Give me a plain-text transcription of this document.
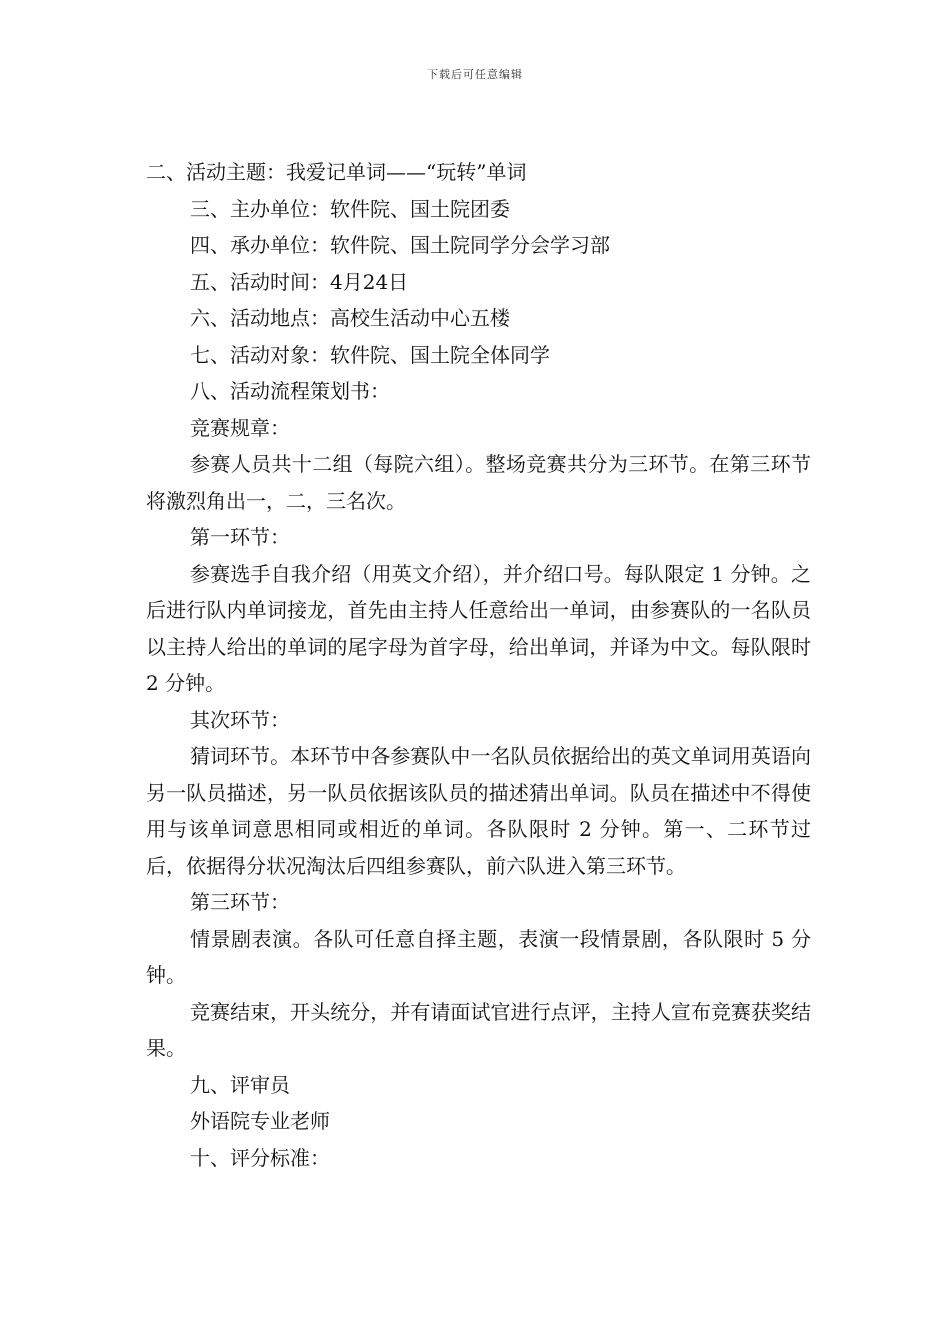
下载后可任意编辑

二、活动主题：我爱记单词——“玩转”单词

三、主办单位：软件院、国土院团委

四、承办单位：软件院、国土院同学分会学习部

五、活动时间：4月24日

六、活动地点：高校生活动中心五楼

七、活动对象：软件院、国土院全体同学

八、活动流程策划书：

竞赛规章：

参赛人员共十二组（每院六组）。整场竞赛共分为三环节。在第三环节将激烈角出一，二，三名次。

第一环节：

参赛选手自我介绍（用英文介绍），并介绍口号。每队限定 1 分钟。之后进行队内单词接龙，首先由主持人任意给出一单词，由参赛队的一名队员以主持人给出的单词的尾字母为首字母，给出单词，并译为中文。每队限时 2 分钟。

其次环节：

猜词环节。本环节中各参赛队中一名队员依据给出的英文单词用英语向另一队员描述，另一队员依据该队员的描述猜出单词。队员在描述中不得使用与该单词意思相同或相近的单词。各队限时 2 分钟。第一、二环节过后，依据得分状况淘汰后四组参赛队，前六队进入第三环节。

第三环节：

情景剧表演。各队可任意自择主题，表演一段情景剧，各队限时 5 分钟。

竞赛结束，开头统分，并有请面试官进行点评，主持人宣布竞赛获奖结果。

九、评审员

外语院专业老师

十、评分标准：
